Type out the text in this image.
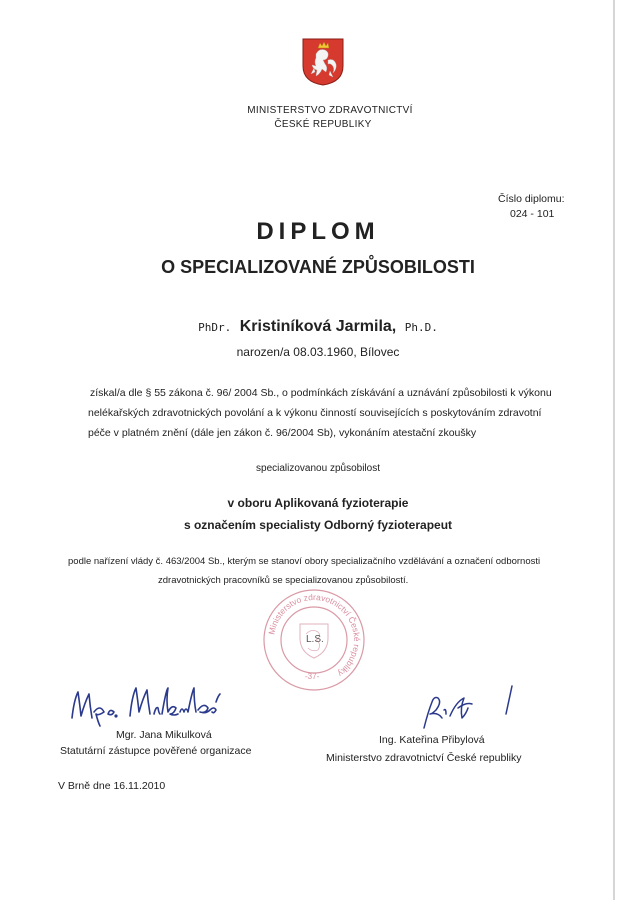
MINISTERSTVO ZDRAVOTNICTVÍ
ČESKÉ REPUBLIKY
Číslo diplomu:
024 - 101
DIPLOM
O SPECIALIZOVANÉ ZPŮSOBILOSTI
PhDr. Kristiníková Jarmila, Ph.D.
narozen/a 08.03.1960, Bílovec
získal/a dle § 55 zákona č. 96/ 2004 Sb., o podmínkách získávání a uznávání způsobilosti k výkonu
nelékařských zdravotnických povolání a k výkonu činností souvisejících s poskytováním zdravotní
péče v platném znění (dále jen zákon č. 96/2004 Sb), vykonáním atestační zkoušky
specializovanou způsobilost
v oboru Aplikovaná fyzioterapie
s označením specialisty Odborný fyzioterapeut
podle nařízení vlády č. 463/2004 Sb., kterým se stanoví obory specializačního vzdělávání a označení odbornosti
zdravotnických pracovníků se specializovanou způsobilostí.
Ministerstvo zdravotnictví České republiky
L.S.
-37-
Mgr. Jana Mikulková
Statutární zástupce pověřené organizace
Ing. Kateřina Přibylová
Ministerstvo zdravotnictví České republiky
V Brně dne 16.11.2010
